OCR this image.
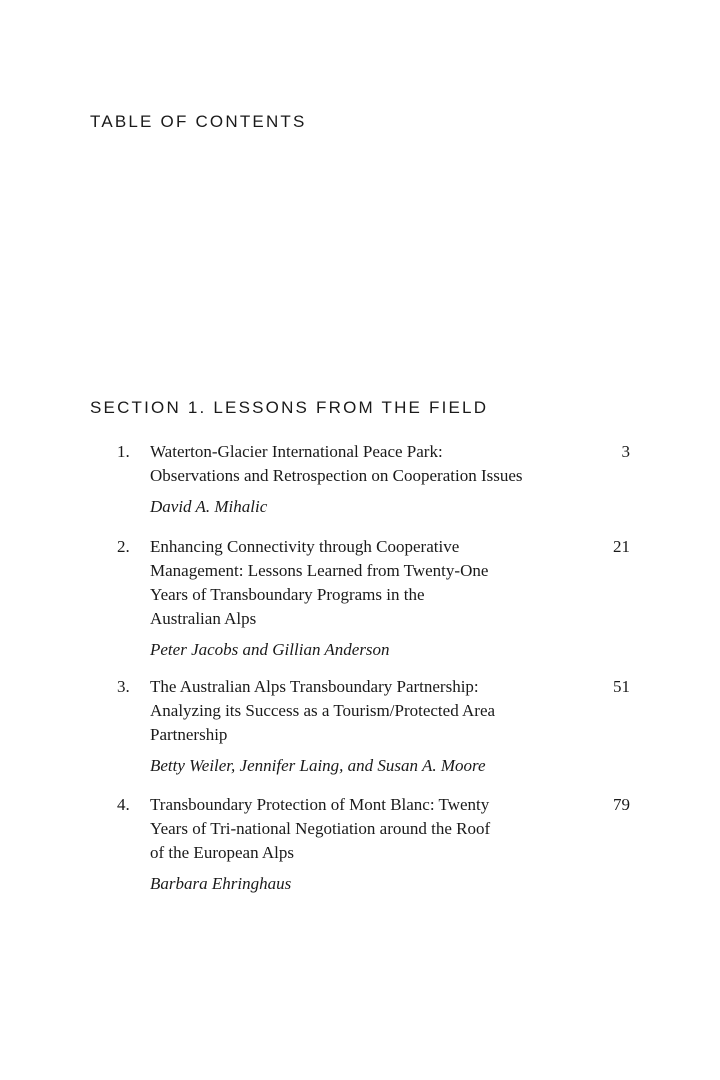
TABLE OF CONTENTS
SECTION 1. LESSONS FROM THE FIELD
1. Waterton-Glacier International Peace Park:
Observations and Retrospection on Cooperation Issues
David A. Mihalic
3
2. Enhancing Connectivity through Cooperative
Management: Lessons Learned from Twenty-One
Years of Transboundary Programs in the
Australian Alps
Peter Jacobs and Gillian Anderson
21
3. The Australian Alps Transboundary Partnership:
Analyzing its Success as a Tourism/Protected Area
Partnership
Betty Weiler, Jennifer Laing, and Susan A. Moore
51
4. Transboundary Protection of Mont Blanc: Twenty
Years of Tri-national Negotiation around the Roof
of the European Alps
Barbara Ehringhaus
79
